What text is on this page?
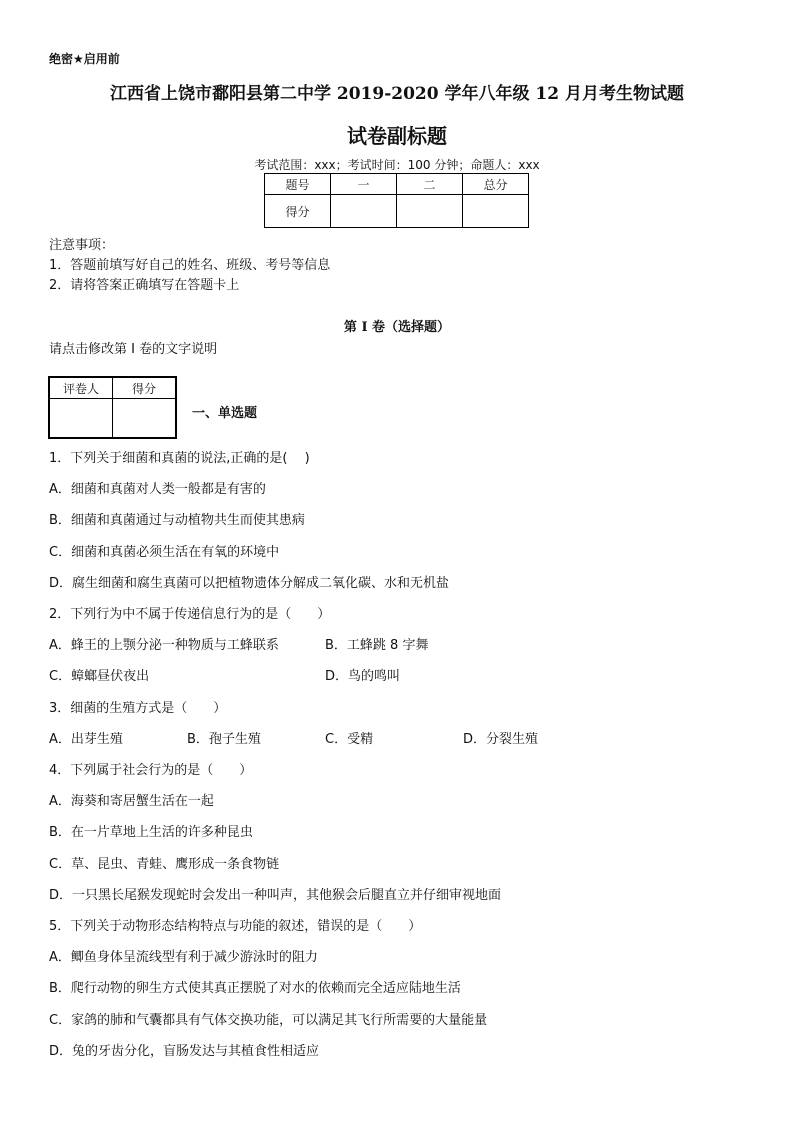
绝密★启用前
江西省上饶市鄱阳县第二中学 2019-2020 学年八年级 12 月月考生物试题
试卷副标题
考试范围：xxx；考试时间：100 分钟；命题人：xxx
题号	一	二	总分
得分			
注意事项：
1．答题前填写好自己的姓名、班级、考号等信息
2．请将答案正确填写在答题卡上
第 I 卷（选择题）
请点击修改第 I 卷的文字说明
评卷人	得分

一、单选题
1．下列关于细菌和真菌的说法,正确的是(　 )
A．细菌和真菌对人类一般都是有害的
B．细菌和真菌通过与动植物共生而使其患病
C．细菌和真菌必须生活在有氧的环境中
D．腐生细菌和腐生真菌可以把植物遗体分解成二氧化碳、水和无机盐
2．下列行为中不属于传递信息行为的是（　　）
A．蜂王的上颚分泌一种物质与工蜂联系	B．工蜂跳 8 字舞
C．蟑螂昼伏夜出	D．鸟的鸣叫
3．细菌的生殖方式是（　　）
A．出芽生殖	B．孢子生殖	C．受精	D．分裂生殖
4．下列属于社会行为的是（　　）
A．海葵和寄居蟹生活在一起
B．在一片草地上生活的许多种昆虫
C．草、昆虫、青蛙、鹰形成一条食物链
D．一只黑长尾猴发现蛇时会发出一种叫声，其他猴会后腿直立并仔细审视地面
5．下列关于动物形态结构特点与功能的叙述，错误的是（　　）
A．鲫鱼身体呈流线型有利于减少游泳时的阻力
B．爬行动物的卵生方式使其真正摆脱了对水的依赖而完全适应陆地生活
C．家鸽的肺和气囊都具有气体交换功能，可以满足其飞行所需要的大量能量
D．兔的牙齿分化，盲肠发达与其植食性相适应
